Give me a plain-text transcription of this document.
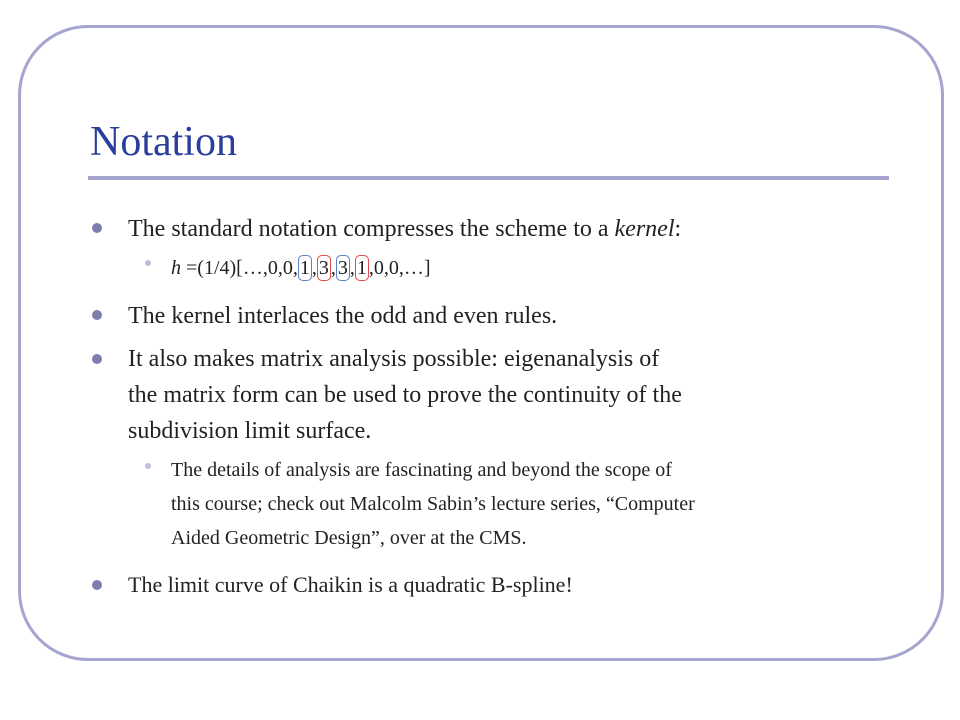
Notation
The standard notation compresses the scheme to a kernel:
h =(1/4)[…,0,0, 1 , 3 , 3 , 1 ,0,0,…]
The kernel interlaces the odd and even rules.
It also makes matrix analysis possible: eigenanalysis of
the matrix form can be used to prove the continuity of the
subdivision limit surface.
The details of analysis are fascinating and beyond the scope of
this course; check out Malcolm Sabin’s lecture series, “Computer
Aided Geometric Design”, over at the CMS.
The limit curve of Chaikin is a quadratic B-spline!
